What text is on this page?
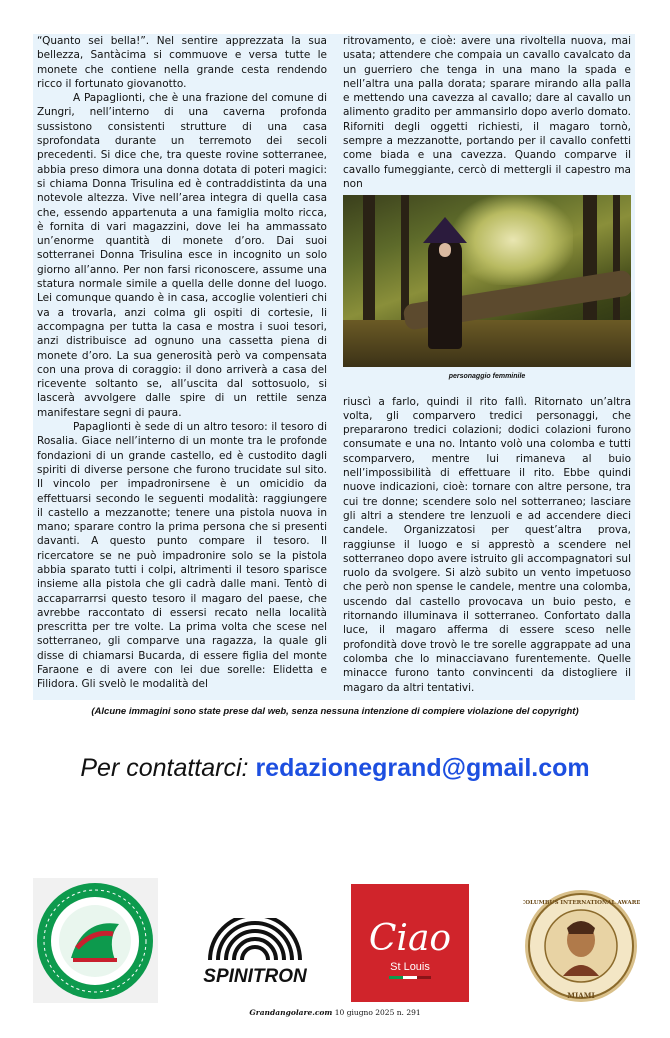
“Quanto sei bella!”. Nel sentire apprezzata la sua bellezza, Santàcima si commuove e versa tutte le monete che contiene nella grande cesta rendendo ricco il fortunato giovanotto.

A Papaglionti, che è una frazione del comune di Zungri, nell’interno di una caverna profonda sussistono consistenti strutture di una casa sprofondata durante un terremoto dei secoli precedenti. Si dice che, tra queste rovine sotterranee, abbia preso dimora una donna dotata di poteri magici: si chiama Donna Trisulina ed è contraddistinta da una notevole altezza. Vive nell’area integra di quella casa che, essendo appartenuta a una famiglia molto ricca, è fornita di vari magazzini, dove lei ha ammassato un’enorme quantità di monete d’oro. Dai suoi sotterranei Donna Trisulina esce in incognito un solo giorno all’anno. Per non farsi riconoscere, assume una statura normale simile a quella delle donne del luogo. Lei comunque quando è in casa, accoglie volentieri chi va a trovarla, anzi colma gli ospiti di cortesie, li accompagna per tutta la casa e mostra i suoi tesori, anzi distribuisce ad ognuno una cassetta piena di monete d’oro. La sua generosità però va compensata con una prova di coraggio: il dono arriverà a casa del ricevente soltanto se, all’uscita dal sottosuolo, si lascerà avvolgere dalle spire di un rettile senza manifestare segni di paura.

Papaglionti è sede di un altro tesoro: il tesoro di Rosalia. Giace nell’interno di un monte tra le profonde fondazioni di un grande castello, ed è custodito dagli spiriti di diverse persone che furono trucidate sul sito. Il vincolo per impadronirsene è un omicidio da effettuarsi secondo le seguenti modalità: raggiungere il castello a mezzanotte; tenere una pistola nuova in mano; sparare contro la prima persona che si presenti davanti. A questo punto compare il tesoro. Il ricercatore se ne può impadronire solo se la pistola abbia sparato tutti i colpi, altrimenti il tesoro sparisce insieme alla pistola che gli cadrà dalle mani. Tentò di accaparrarrsi questo tesoro il magaro del paese, che avrebbe raccontato di essersi recato nella località prescritta per tre volte. La prima volta che scese nel sotterraneo, gli comparve una ragazza, la quale gli disse di chiamarsi Bucarda, di essere figlia del monte Faraone e di avere con lei due sorelle: Elidetta e Filidora. Gli svelò le modalità del

ritrovamento, e cioè: avere una rivoltella nuova, mai usata; attendere che compaia un cavallo cavalcato da un guerriero che tenga in una mano la spada e nell’altra una palla dorata; sparare mirando alla palla e mettendo una cavezza al cavallo; dare al cavallo un alimento gradito per ammansirlo dopo averlo domato. Riforniti degli oggetti richiesti, il magaro tornò, sempre a mezzanotte, portando per il cavallo confetti come biada e una cavezza. Quando comparve il cavallo fumeggiante, cercò di mettergli il capestro ma non

personaggio femminile

riuscì a farlo, quindi il rito fallì. Ritornato un’altra volta, gli comparvero tredici personaggi, che prepararono tredici colazioni; dodici colazioni furono consumate e una no. Intanto volò una colomba e tutti scomparvero, mentre lui rimaneva al buio nell’impossibilità di effettuare il rito. Ebbe quindi nuove indicazioni, cioè: tornare con altre persone, tra cui tre donne; scendere solo nel sotterraneo; lasciare gli altri a stendere tre lenzuoli e ad accendere dieci candele. Organizzatosi per quest’altra prova, raggiunse il luogo e si apprestò a scendere nel sotterraneo dopo avere istruito gli accompagnatori sul ruolo da svolgere. Si alzò subito un vento impetuoso che però non spense le candele, mentre una colomba, uscendo dal castello provocava un buio pesto, e ritornando illuminava il sotterraneo. Confortato dalla luce, il magaro afferma di essere sceso nelle profondità dove trovò le tre sorelle aggrappate ad una colomba che lo minacciavano furentemente. Quelle minacce furono tanto convincenti da distogliere il magaro da altri tentativi.

(Alcune immagini sono state prese dal web, senza nessuna intenzione di compiere violazione del copyright)
Per contattarci: redazionegrand@gmail.com
SPINITRON
Ciao
St Louis
MIAMI
COLUMBUS INTERNATIONAL AWARD
Grandangolare.com 10 giugno 2025 n. 291
